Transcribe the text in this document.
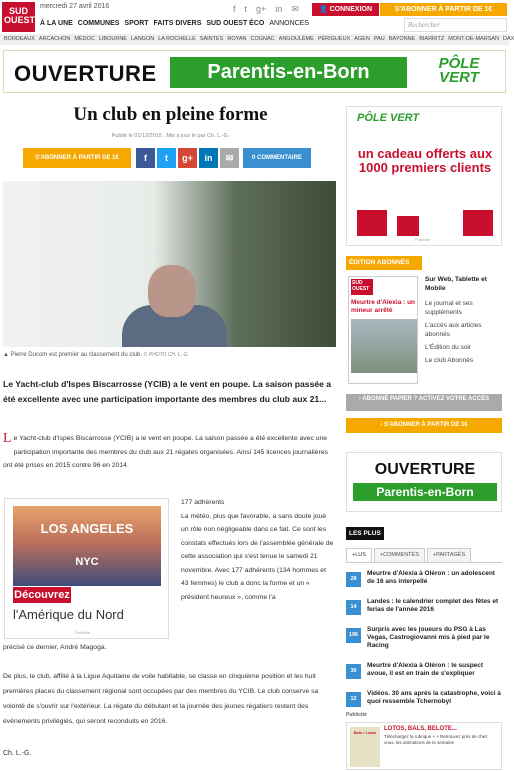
SUD
OUEST
mercredi 27 avril 2016	f t g+ in ✉	👤 CONNEXION	S'ABONNER À PARTIR DE 1€
À LA UNE COMMUNES SPORT FAITS DIVERS SUD OUEST ÉCO ANNONCES	Rechercher
BORDEAUX ARCACHON MÉDOC LIBOURNE LANGON LA ROCHELLE SAINTES ROYAN COGNAC ANGOULÊME PÉRIGUEUX AGEN PAU BAYONNE BIARRITZ MONT-DE-MARSAN DAX
OUVERTURE	Parentis-en-Born	PÔLE VERT
Un club en pleine forme
Publié le 01/12/2015 . Mis à jour le par Ch. L.-G.
S'ABONNER À PARTIR DE 1€	f	t	g+	in	✉	0 COMMENTAIRE
▲ Pierre Ducom est premier au classement du club. © PHOTO CH. L.-G.

Le Yacht-club d'Ispes Biscarrosse (YCIB) a le vent en poupe. La saison passée a été excellente avec une participation importante des membres du club aux 21...

Le Yacht-club d'Ispes Biscarrosse (YCIB) a le vent en poupe. La saison passée a été excellente avec une participation importante des membres du club aux 21 régates organisées. Ainsi 145 licences journalières ont été prises en 2015 contre 96 en 2014.
LOS ANGELES
NYC
Découvrez
l'Amérique du Nord
Publicité
177 adhérents
La météo, plus que favorable, a sans doute joué un rôle non négligeable dans ce fait. Ce sont les constats effectués lors de l'assemblée générale de cette association qui s'est tenue le samedi 21 novembre. Avec 177 adhérents (134 hommes et 43 femmes) le club a donc la forme et un « président heureux », comme l'a
précisé ce dernier, André Magoga.
De plus, le club, affilié à la Ligue Aquitaine de voile habitable, se classe en cinquième position et les huit premières places du classement régional sont occupées par des membres du YCIB. Le club conserve sa volonté de s'ouvrir sur l'extérieur. La régate du débutant et la journée des jeunes régatiers restent des événements privilégiés, qui seront reconduits en 2016.
Ch. L.-G.
PÔLE VERT
un cadeau offerts aux 1000 premiers clients
Publicité
ÉDITION ABONNÉS
SUD OUEST
Meurtre d'Alexia : un mineur arrêté
Sur Web, Tablette et Mobile
Le journal et ses suppléments
L'accès aux articles abonnés
L'Édition du soir
Le club Abonnés
› ABONNÉ PAPIER ? ACTIVEZ VOTRE ACCÈS
› S'ABONNER À PARTIR DE 1€
OUVERTURE
Parentis-en-Born
LES PLUS
+LUS	+COMMENTÉS	+PARTAGÉS
28
Meurtre d'Alexia à Oléron : un adolescent de 16 ans interpellé
14
Landes : le calendrier complet des fêtes et ferias de l'année 2016
196
Surpris avec les joueurs du PSG à Las Vegas, Castrogiovanni mis à pied par le Racing
36
Meurtre d'Alexia à Oléron : le suspect avoue, il est en train de s'expliquer
12
Vidéos. 30 ans après la catastrophe, voici à quoi ressemble Tchernobyl
Publicité
Bals / Lotos
LOTOS, BALS, BELOTE...
Téléchargez la rubrique « » Retrouvez près de chez vous, les animations de la semaine
